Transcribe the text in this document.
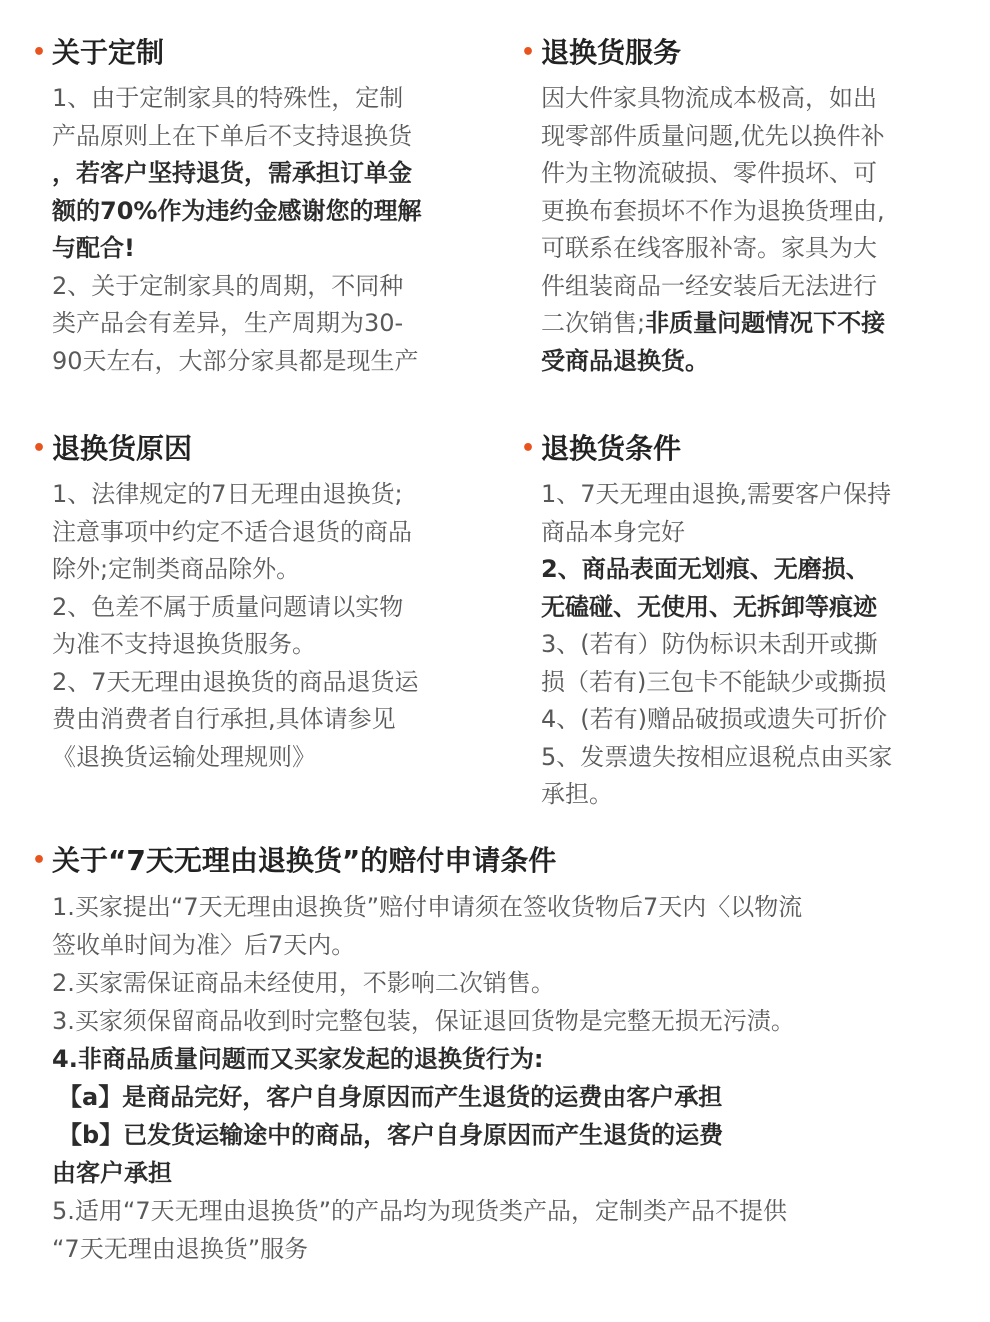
• 关于定制
1、由于定制家具的特殊性，定制
产品原则上在下单后不支持退换货
，若客户坚持退货，需承担订单金
额的70%作为违约金感谢您的理解
与配合!
2、关于定制家具的周期，不同种
类产品会有差异，生产周期为30-
90天左右，大部分家具都是现生产
• 退换货服务
因大件家具物流成本极高，如出
现零部件质量问题,优先以换件补
件为主物流破损、零件损坏、可
更换布套损坏不作为退换货理由,
可联系在线客服补寄。家具为大
件组装商品一经安装后无法进行
二次销售;非质量问题情况下不接
受商品退换货。
• 退换货原因
1、法律规定的7日无理由退换货;
注意事项中约定不适合退货的商品
除外;定制类商品除外。
2、色差不属于质量问题请以实物
为准不支持退换货服务。
2、7天无理由退换货的商品退货运
费由消费者自行承担,具体请参见
《退换货运输处理规则》
• 退换货条件
1、7天无理由退换,需要客户保持
商品本身完好
2、商品表面无划痕、无磨损、
无磕碰、无使用、无拆卸等痕迹
3、(若有）防伪标识未刮开或撕
损（若有)三包卡不能缺少或撕损
4、(若有)赠品破损或遗失可折价
5、发票遗失按相应退税点由买家
承担。
• 关于“7天无理由退换货”的赔付申请条件
1.买家提出“7天无理由退换货”赔付申请须在签收货物后7天内〈以物流
签收单时间为准〉后7天内。
2.买家需保证商品未经使用，不影响二次销售。
3.买家须保留商品收到时完整包装，保证退回货物是完整无损无污渍。
4.非商品质量问题而又买家发起的退换货行为:
【a】是商品完好，客户自身原因而产生退货的运费由客户承担
【b】已发货运输途中的商品，客户自身原因而产生退货的运费
由客户承担
5.适用“7天无理由退换货”的产品均为现货类产品，定制类产品不提供
“7天无理由退换货”服务
